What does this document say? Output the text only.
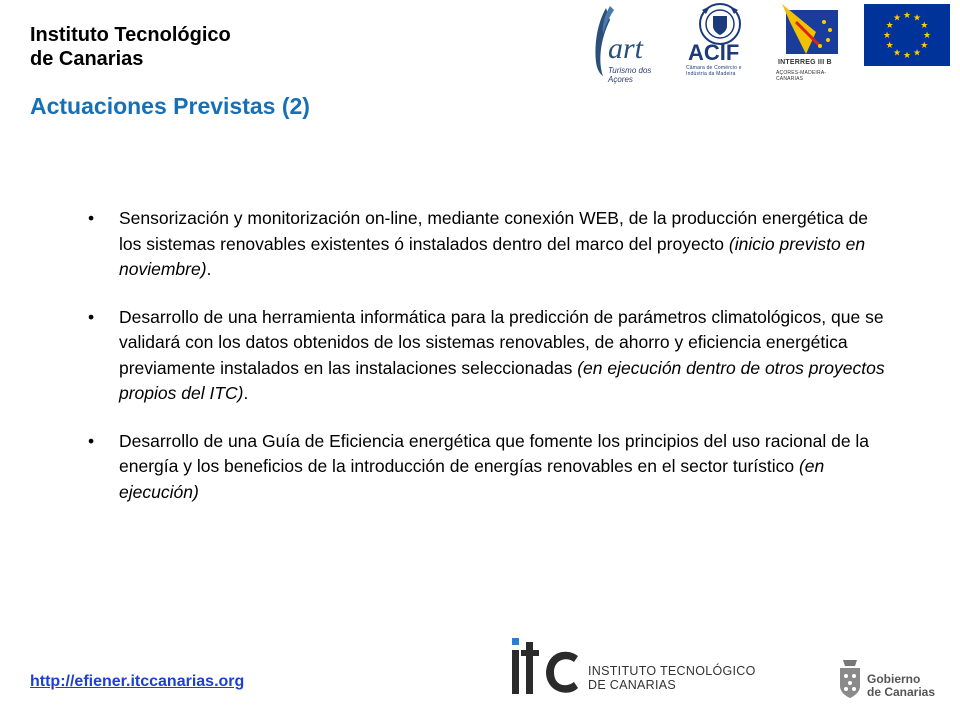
Instituto Tecnológico
de Canarias
Actuaciones Previstas (2)
art
Turismo dos Açores
ACIF
Câmara de Comércio e Indústria da Madeira
INTERREG III B
AÇORES-MADEIRA-CANARIAS
★ ★
★
★
★
★
★
★
★
★
★
★
• Sensorización y monitorización on-line, mediante conexión WEB, de la producción energética de los sistemas renovables existentes ó instalados dentro del marco del proyecto (inicio previsto en noviembre).
• Desarrollo de una herramienta informática para la predicción de parámetros climatológicos, que se validará con los datos obtenidos de los sistemas renovables, de ahorro y eficiencia energética previamente instalados en las instalaciones seleccionadas (en ejecución dentro de otros proyectos propios del ITC).
• Desarrollo de una Guía de Eficiencia energética que fomente los principios del uso racional de la energía y los beneficios de la introducción de energías renovables en el sector turístico (en ejecución)
http://efiener.itccanarias.org
INSTITUTO TECNOLÓGICO
DE CANARIAS	Gobierno
de Canarias
